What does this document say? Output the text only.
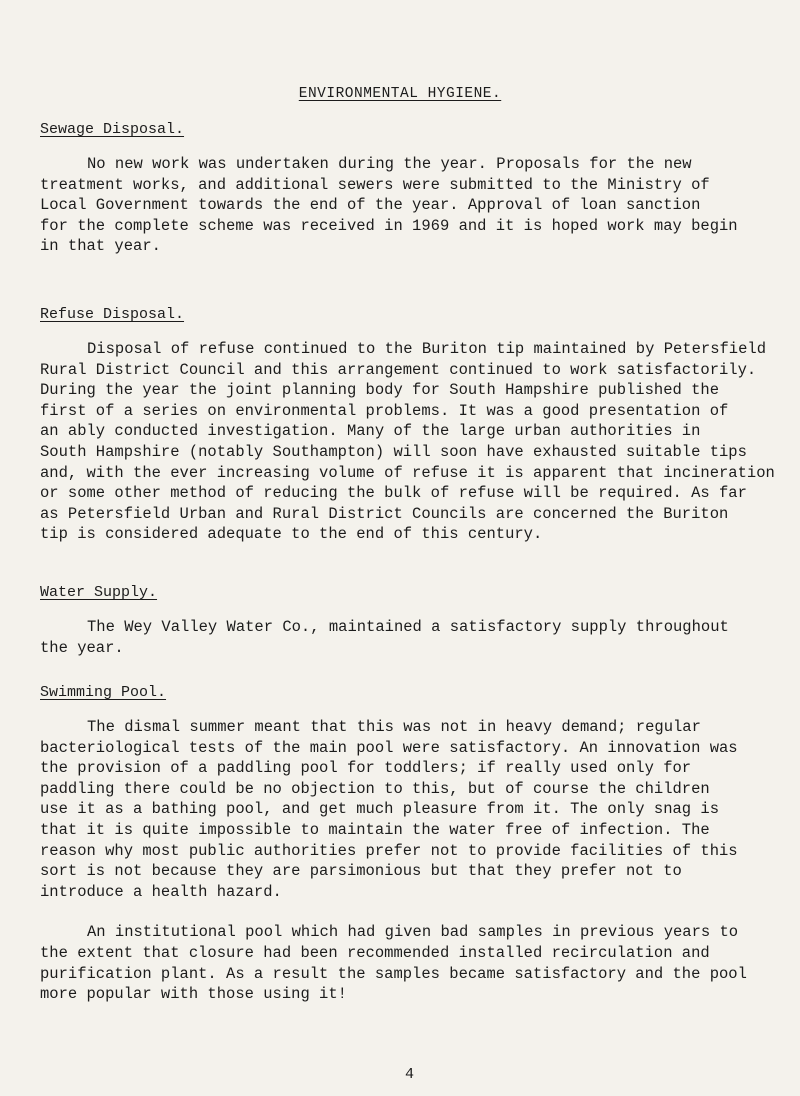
ENVIRONMENTAL HYGIENE.

Sewage Disposal.

No new work was undertaken during the year. Proposals for the new
treatment works, and additional sewers were submitted to the Ministry of
Local Government towards the end of the year. Approval of loan sanction
for the complete scheme was received in 1969 and it is hoped work may begin
in that year.

Refuse Disposal.

Disposal of refuse continued to the Buriton tip maintained by Petersfield
Rural District Council and this arrangement continued to work satisfactorily.
During the year the joint planning body for South Hampshire published the
first of a series on environmental problems. It was a good presentation of
an ably conducted investigation. Many of the large urban authorities in
South Hampshire (notably Southampton) will soon have exhausted suitable tips
and, with the ever increasing volume of refuse it is apparent that incineration
or some other method of reducing the bulk of refuse will be required. As far
as Petersfield Urban and Rural District Councils are concerned the Buriton
tip is considered adequate to the end of this century.

Water Supply.

The Wey Valley Water Co., maintained a satisfactory supply throughout
the year.

Swimming Pool.

The dismal summer meant that this was not in heavy demand; regular
bacteriological tests of the main pool were satisfactory. An innovation was
the provision of a paddling pool for toddlers; if really used only for
paddling there could be no objection to this, but of course the children
use it as a bathing pool, and get much pleasure from it. The only snag is
that it is quite impossible to maintain the water free of infection. The
reason why most public authorities prefer not to provide facilities of this
sort is not because they are parsimonious but that they prefer not to
introduce a health hazard.

An institutional pool which had given bad samples in previous years to
the extent that closure had been recommended installed recirculation and
purification plant. As a result the samples became satisfactory and the pool
more popular with those using it!

4
